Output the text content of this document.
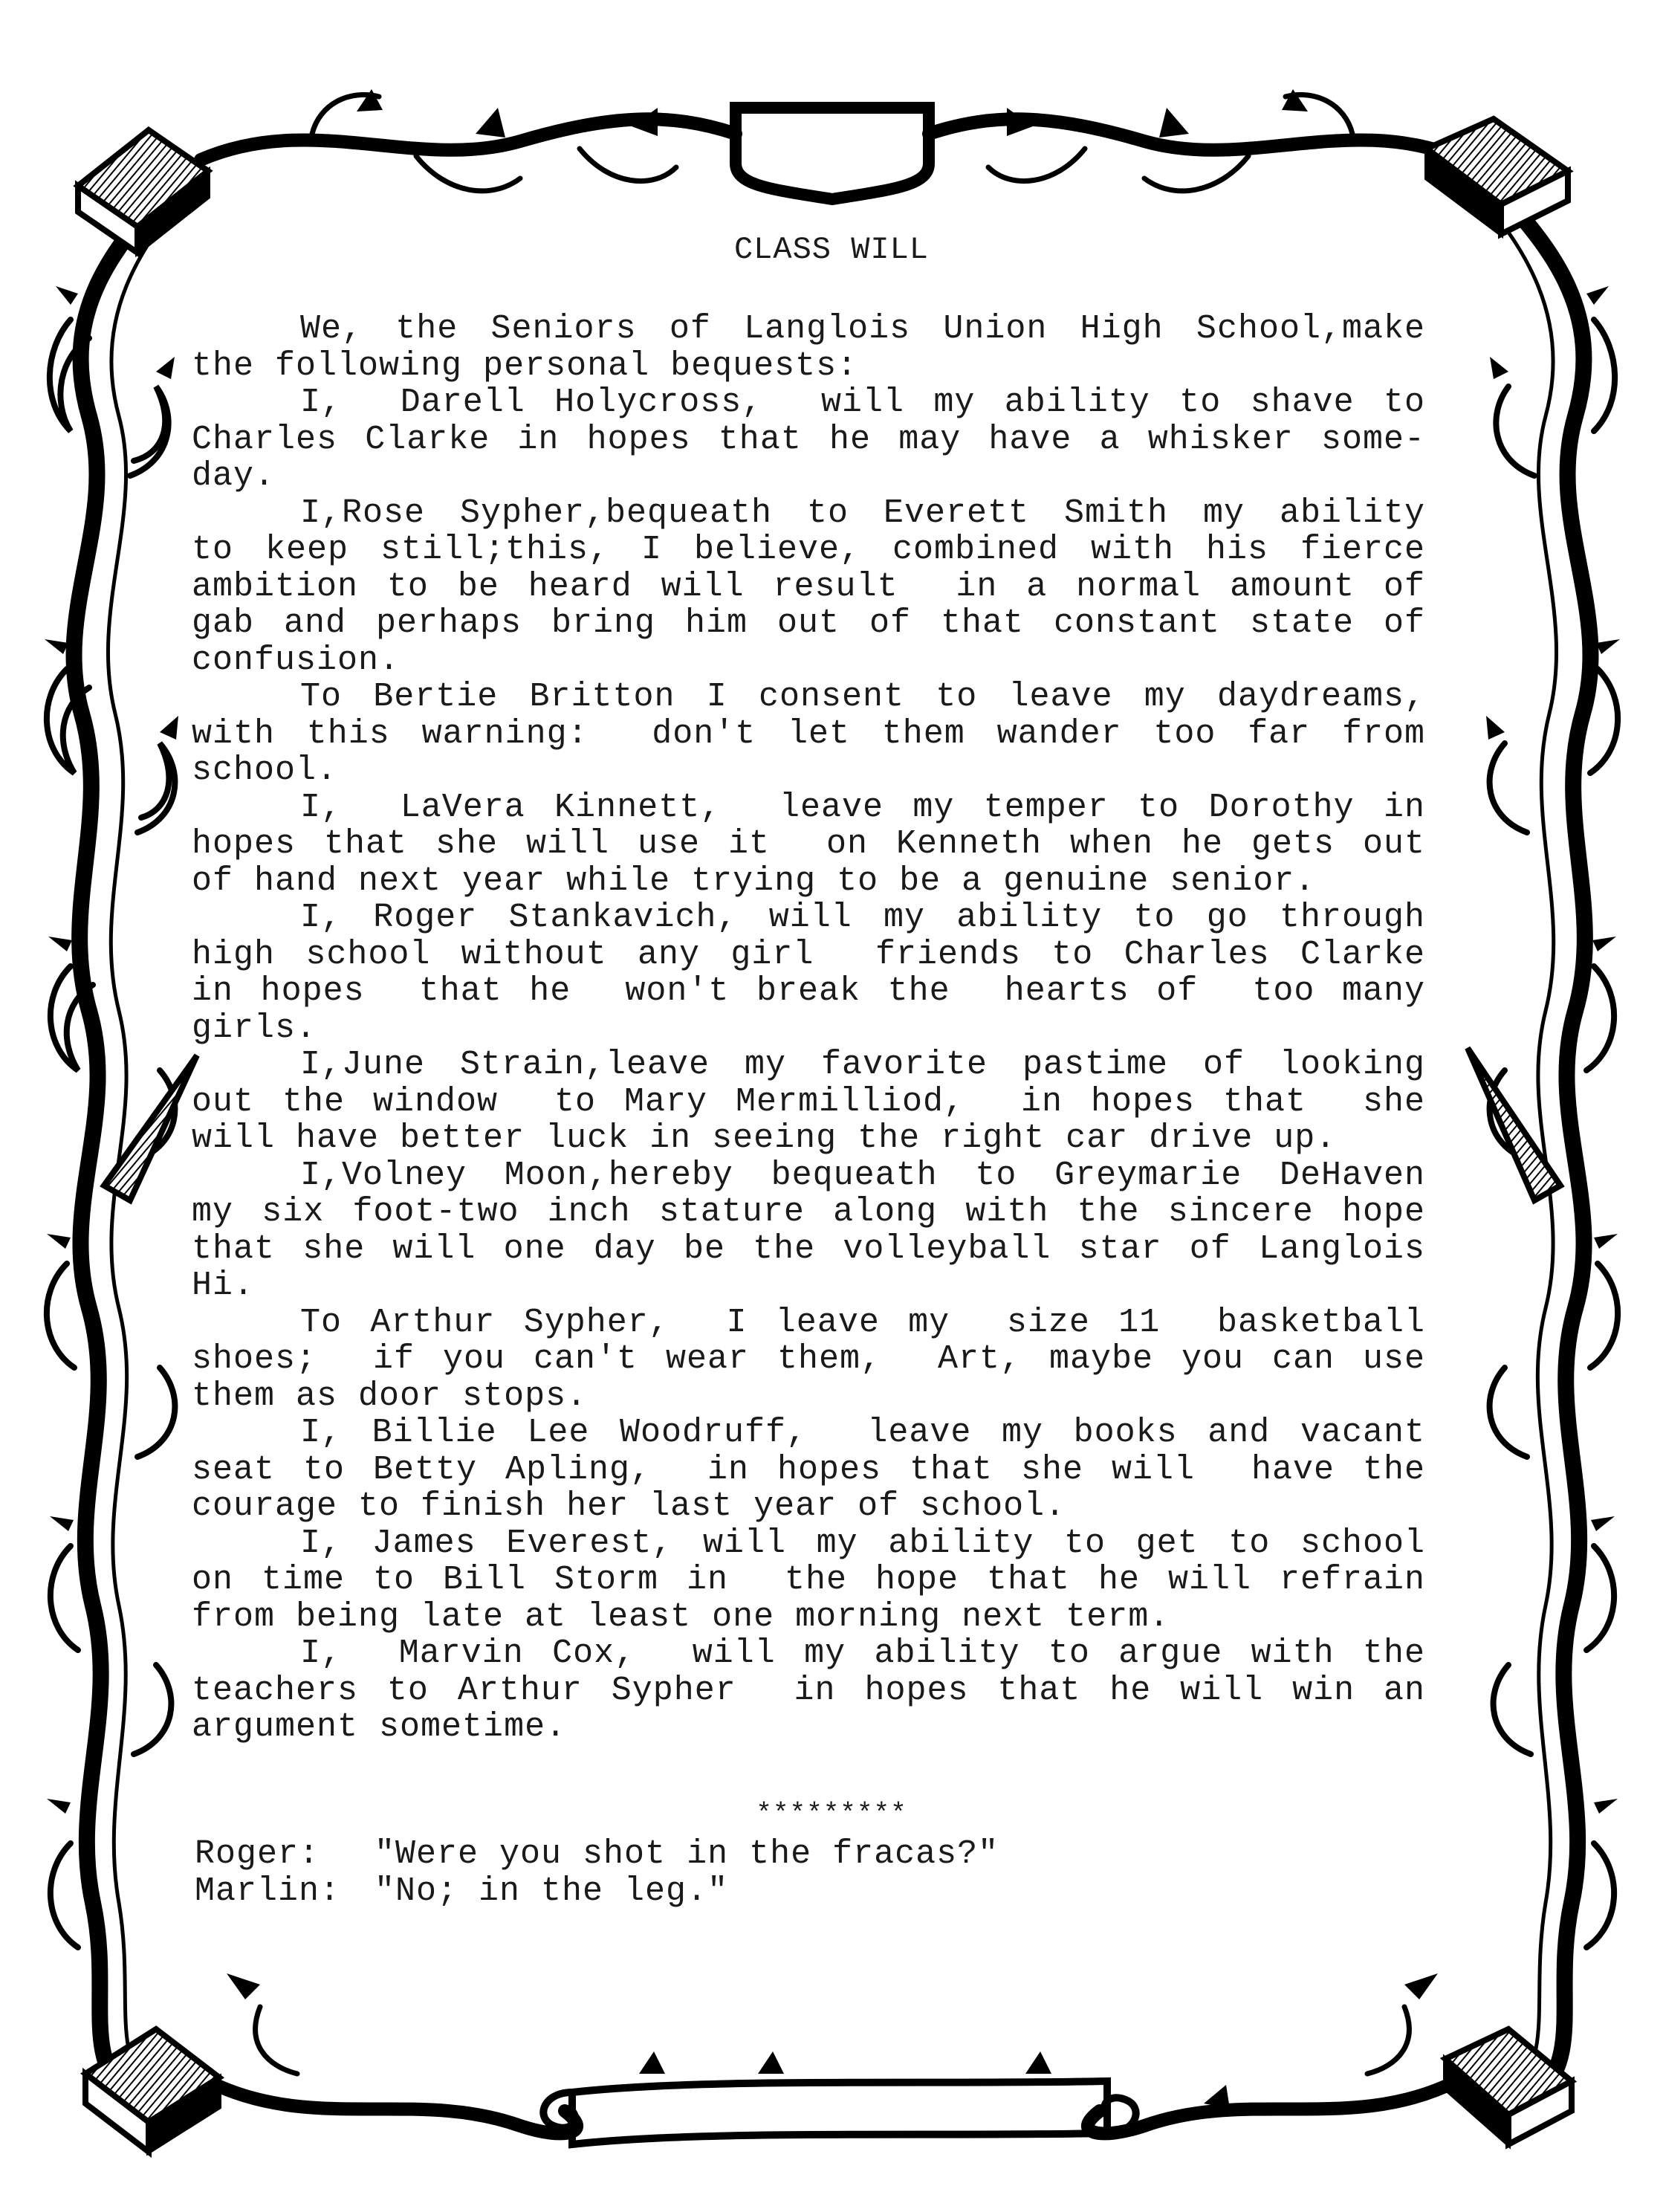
CLASS WILL
We, the Seniors of Langlois Union High School,make
the following personal bequests:
I,  Darell Holycross,  will my ability to shave to
Charles Clarke in hopes that he may have a whisker some-
day.
I,Rose Sypher,bequeath to Everett Smith my ability
to keep still;this, I believe, combined with his fierce
ambition to be heard will result  in a normal amount of
gab and perhaps bring him out of that constant state of
confusion.
To Bertie Britton I consent to leave my daydreams,
with this warning:  don't let them wander too far from
school.
I,  LaVera Kinnett,  leave my temper to Dorothy in
hopes that she will use it  on Kenneth when he gets out
of hand next year while trying to be a genuine senior.
I, Roger Stankavich, will my ability to go through
high school without any girl  friends to Charles Clarke
in hopes  that he  won't break the  hearts of  too many
girls.
I,June Strain,leave my favorite pastime of looking
out the window  to Mary Mermilliod,  in hopes that  she
will have better luck in seeing the right car drive up.
I,Volney Moon,hereby bequeath to Greymarie DeHaven
my six foot-two inch stature along with the sincere hope
that she will one day be the volleyball star of Langlois
Hi.
To Arthur Sypher,  I leave my  size 11  basketball
shoes;  if you can't wear them,  Art, maybe you can use
them as door stops.
I, Billie Lee Woodruff,  leave my books and vacant
seat to Betty Apling,  in hopes that she will  have the
courage to finish her last year of school.
I, James Everest, will my ability to get to school
on time to Bill Storm in  the hope that he will refrain
from being late at least one morning next term.
I,  Marvin Cox,  will my ability to argue with the
teachers to Arthur Sypher  in hopes that he will win an
argument sometime.
*********
Roger: "Were you shot in the fracas?"
Marlin: "No; in the leg."
